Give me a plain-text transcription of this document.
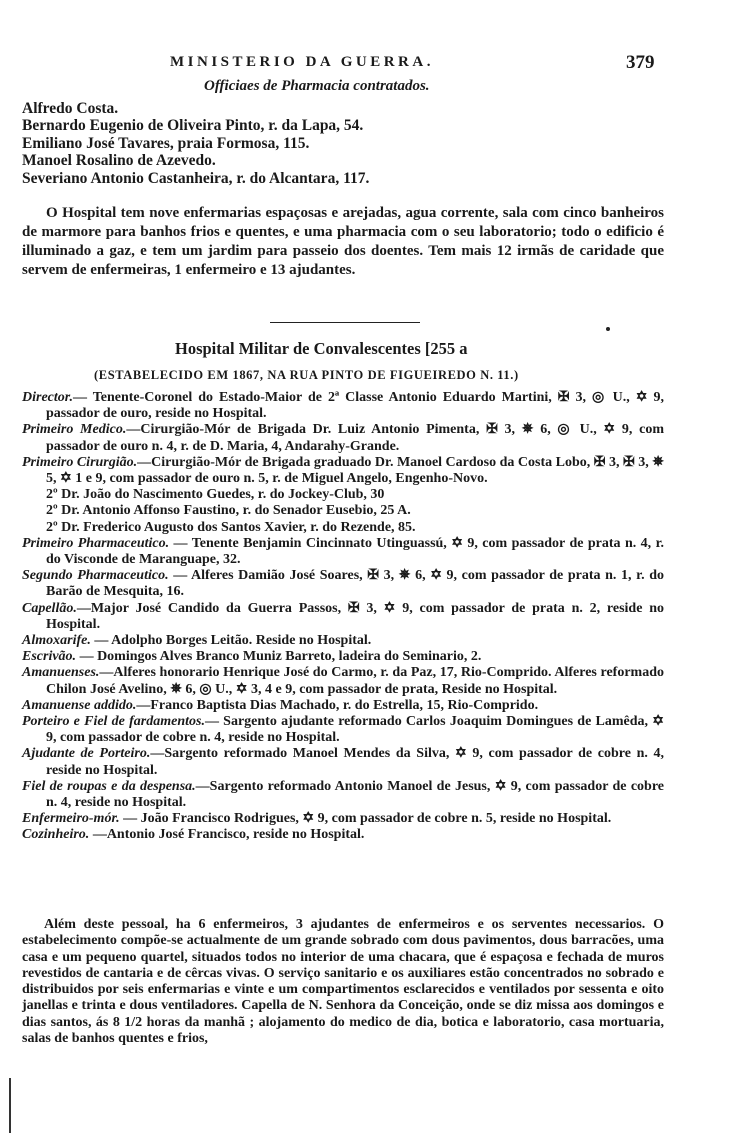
MINISTERIO DA GUERRA.	379
Officiaes de Pharmacia contratados.
Alfredo Costa.
Bernardo Eugenio de Oliveira Pinto, r. da Lapa, 54.
Emiliano José Tavares, praia Formosa, 115.
Manoel Rosalino de Azevedo.
Severiano Antonio Castanheira, r. do Alcantara, 117.
O Hospital tem nove enfermarias espaçosas e arejadas, agua corrente, sala com cinco banheiros de marmore para banhos frios e quentes, e uma pharmacia com o seu laboratorio; todo o edificio é illuminado a gaz, e tem um jardim para passeio dos doentes. Tem mais 12 irmãs de caridade que servem de enfermeiras, 1 enfermeiro e 13 ajudantes.
Hospital Militar de Convalescentes [255 a
(ESTABELECIDO EM 1867, NA RUA PINTO DE FIGUEIREDO N. 11.)
Director.— Tenente-Coronel do Estado-Maior de 2ª Classe Antonio Eduardo Martini, ✠ 3, ◎ U., ✡ 9, passador de ouro, reside no Hospital.
Primeiro Medico.—Cirurgião-Mór de Brigada Dr. Luiz Antonio Pimenta, ✠ 3, ✵ 6, ◎ U., ✡ 9, com passador de ouro n. 4, r. de D. Maria, 4, Andarahy-Grande.
Primeiro Cirurgião.—Cirurgião-Mór de Brigada graduado Dr. Manoel Cardoso da Costa Lobo, ✠ 3, ✠ 3, ✵ 5, ✡ 1 e 9, com passador de ouro n. 5, r. de Miguel Angelo, Engenho-Novo.
2º Dr. João do Nascimento Guedes, r. do Jockey-Club, 30
2º Dr. Antonio Affonso Faustino, r. do Senador Eusebio, 25 A.
2º Dr. Frederico Augusto dos Santos Xavier, r. do Rezende, 85.
Primeiro Pharmaceutico. — Tenente Benjamin Cincinnato Utinguassú, ✡ 9, com passador de prata n. 4, r. do Visconde de Maranguape, 32.
Segundo Pharmaceutico. — Alferes Damião José Soares, ✠ 3, ✵ 6, ✡ 9, com passador de prata n. 1, r. do Barão de Mesquita, 16.
Capellão.—Major José Candido da Guerra Passos, ✠ 3, ✡ 9, com passador de prata n. 2, reside no Hospital.
Almoxarife. — Adolpho Borges Leitão. Reside no Hospital.
Escrivão. — Domingos Alves Branco Muniz Barreto, ladeira do Seminario, 2.
Amanuenses.—Alferes honorario Henrique José do Carmo, r. da Paz, 17, Rio-Comprido. Alferes reformado Chilon José Avelino, ✵ 6, ◎ U., ✡ 3, 4 e 9, com passador de prata, Reside no Hospital.
Amanuense addido.—Franco Baptista Dias Machado, r. do Estrella, 15, Rio-Comprido.
Porteiro e Fiel de fardamentos.— Sargento ajudante reformado Carlos Joaquim Domingues de Lamêda, ✡ 9, com passador de cobre n. 4, reside no Hospital.
Ajudante de Porteiro.—Sargento reformado Manoel Mendes da Silva, ✡ 9, com passador de cobre n. 4, reside no Hospital.
Fiel de roupas e da despensa.—Sargento reformado Antonio Manoel de Jesus, ✡ 9, com passador de cobre n. 4, reside no Hospital.
Enfermeiro-mór. — João Francisco Rodrigues, ✡ 9, com passador de cobre n. 5, reside no Hospital.
Cozinheiro. —Antonio José Francisco, reside no Hospital.
Além deste pessoal, ha 6 enfermeiros, 3 ajudantes de enfermeiros e os serventes necessarios. O estabelecimento compõe-se actualmente de um grande sobrado com dous pavimentos, dous barracões, uma casa e um pequeno quartel, situados todos no interior de uma chacara, que é espaçosa e fechada de muros revestidos de cantaria e de cêrcas vivas. O serviço sanitario e os auxiliares estão concentrados no sobrado e distribuidos por seis enfermarias e vinte e um compartimentos esclarecidos e ventilados por sessenta e oito janellas e trinta e dous ventiladores. Capella de N. Senhora da Conceição, onde se diz missa aos domingos e dias santos, ás 8 1/2 horas da manhã ; alojamento do medico de dia, botica e laboratorio, casa mortuaria, salas de banhos quentes e frios,
